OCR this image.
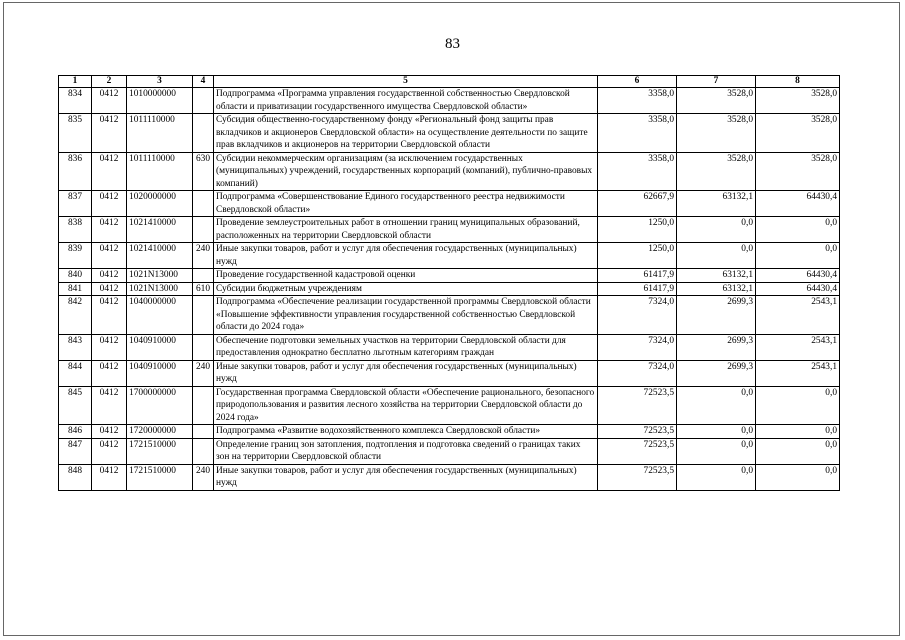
83
1	2	3	4	5	6	7	8
834	0412	1010000000		Подпрограмма «Программа управления государственной собственностью Свердловской области и приватизации государственного имущества Свердловской области»	3358,0	3528,0	3528,0
835	0412	1011110000		Субсидия общественно-государственному фонду «Региональный фонд защиты прав вкладчиков и акционеров Свердловской области» на осуществление деятельности по защите прав вкладчиков и акционеров на территории Свердловской области	3358,0	3528,0	3528,0
836	0412	1011110000	630	Субсидии некоммерческим организациям (за исключением государственных (муниципальных) учреждений, государственных корпораций (компаний), публично-правовых компаний)	3358,0	3528,0	3528,0
837	0412	1020000000		Подпрограмма «Совершенствование Единого государственного реестра недвижимости Свердловской области»	62667,9	63132,1	64430,4
838	0412	1021410000		Проведение землеустроительных работ в отношении границ муниципальных образований, расположенных на территории Свердловской области	1250,0	0,0	0,0
839	0412	1021410000	240	Иные закупки товаров, работ и услуг для обеспечения государственных (муниципальных) нужд	1250,0	0,0	0,0
840	0412	1021N13000		Проведение государственной кадастровой оценки	61417,9	63132,1	64430,4
841	0412	1021N13000	610	Субсидии бюджетным учреждениям	61417,9	63132,1	64430,4
842	0412	1040000000		Подпрограмма «Обеспечение реализации государственной программы Свердловской области «Повышение эффективности управления государственной собственностью Свердловской области до 2024 года»	7324,0	2699,3	2543,1
843	0412	1040910000		Обеспечение подготовки земельных участков на территории Свердловской области для предоставления однократно бесплатно льготным категориям граждан	7324,0	2699,3	2543,1
844	0412	1040910000	240	Иные закупки товаров, работ и услуг для обеспечения государственных (муниципальных) нужд	7324,0	2699,3	2543,1
845	0412	1700000000		Государственная программа Свердловской области «Обеспечение рационального, безопасного природопользования и развития лесного хозяйства на территории Свердловской области до 2024 года»	72523,5	0,0	0,0
846	0412	1720000000		Подпрограмма «Развитие водохозяйственного комплекса Свердловской области»	72523,5	0,0	0,0
847	0412	1721510000		Определение границ зон затопления, подтопления и подготовка сведений о границах таких зон на территории Свердловской области	72523,5	0,0	0,0
848	0412	1721510000	240	Иные закупки товаров, работ и услуг для обеспечения государственных (муниципальных) нужд	72523,5	0,0	0,0
